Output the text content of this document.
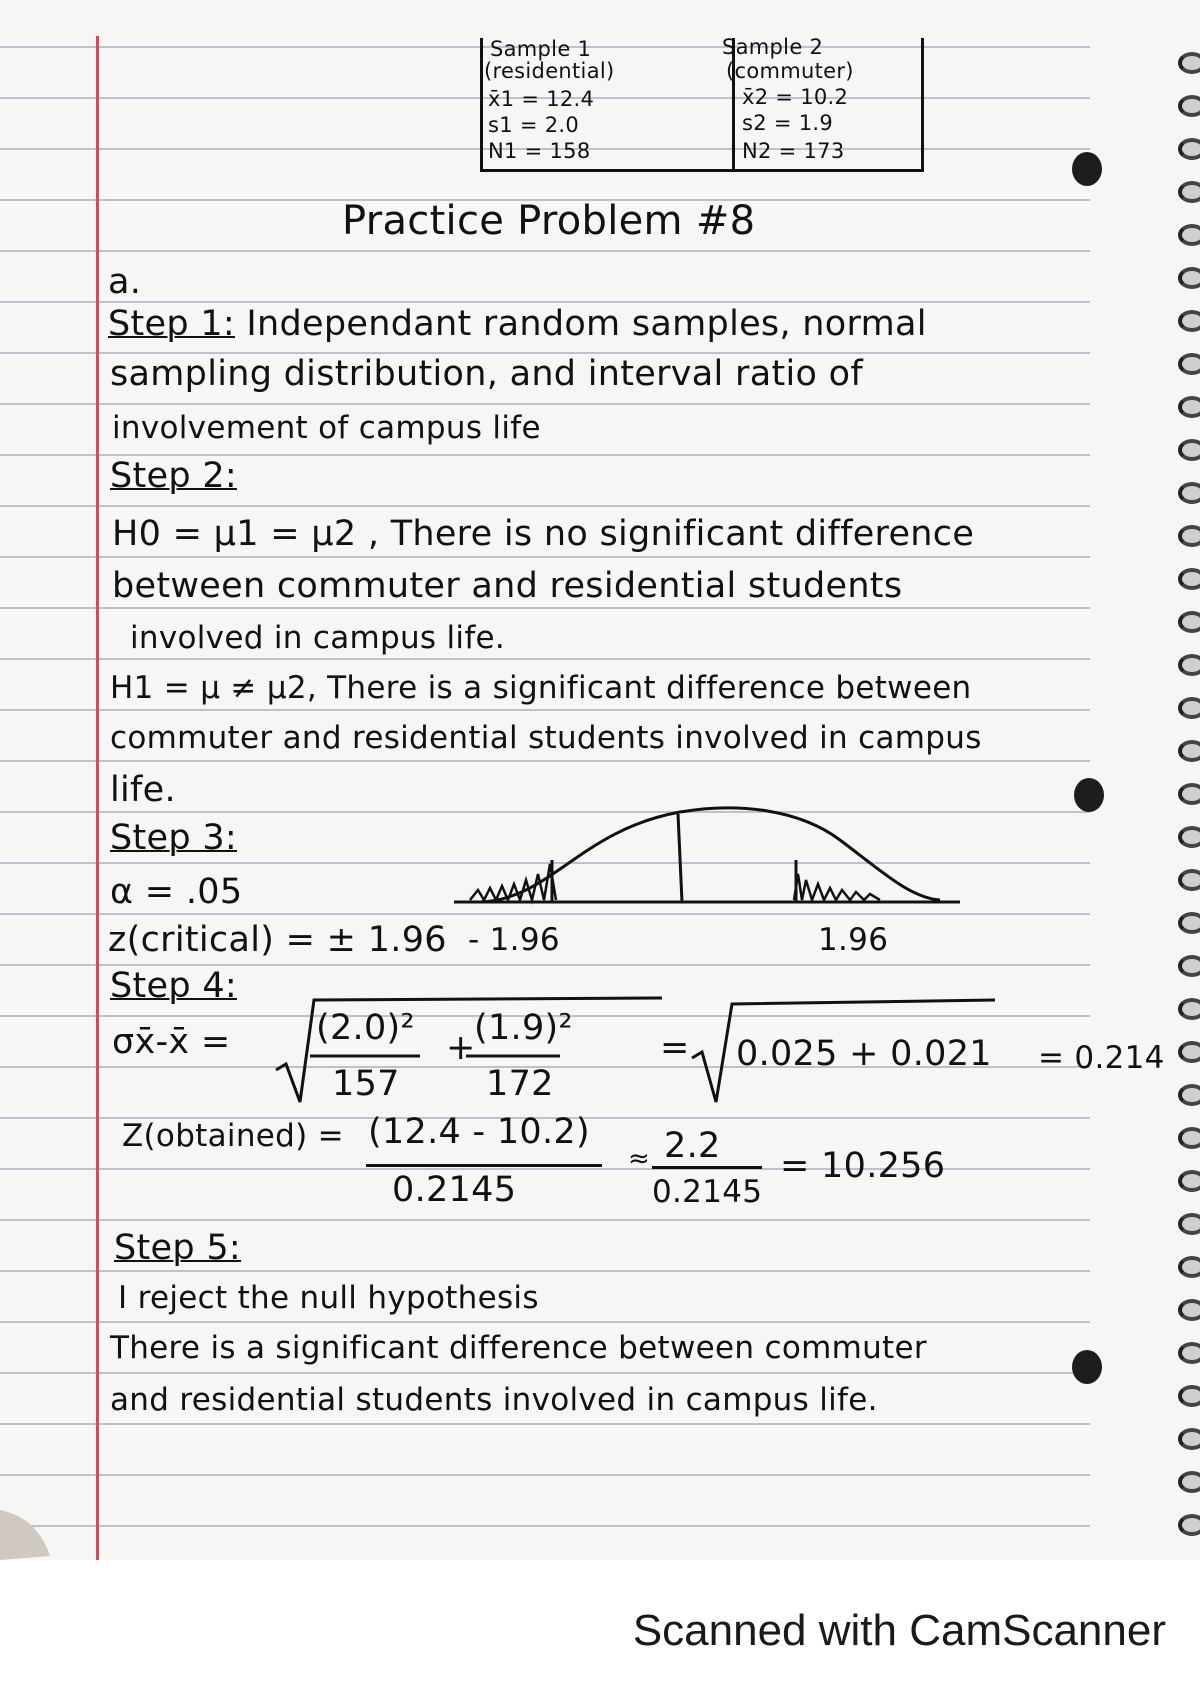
Sample 1
(residential)
x̄1 = 12.4
s1 = 2.0
N1 = 158
Sample 2
(commuter)
x̄2 = 10.2
s2 = 1.9
N2 = 173
Practice Problem #8
a.
Step 1: Independant random samples, normal
sampling distribution, and interval ratio of
involvement of campus life
Step 2:
H0 = μ1 = μ2 , There is no significant difference
between commuter and residential students
involved in campus life.
H1 = μ ≠ μ2, There is a significant difference between
commuter and residential students involved in campus
life.
Step 3:
α = .05
z(critical) = ± 1.96 - 1.96	1.96
Step 4:
σx̄-x̄ = (2.0)²
157
+
(1.9)²
172
= 0.025 + 0.021 = 0.214
Z(obtained) = (12.4 - 10.2)
0.2145
≈ 2.2
0.2145
= 10.256
Step 5:
I reject the null hypothesis
There is a significant difference between commuter
and residential students involved in campus life.
Scanned with CamScanner
